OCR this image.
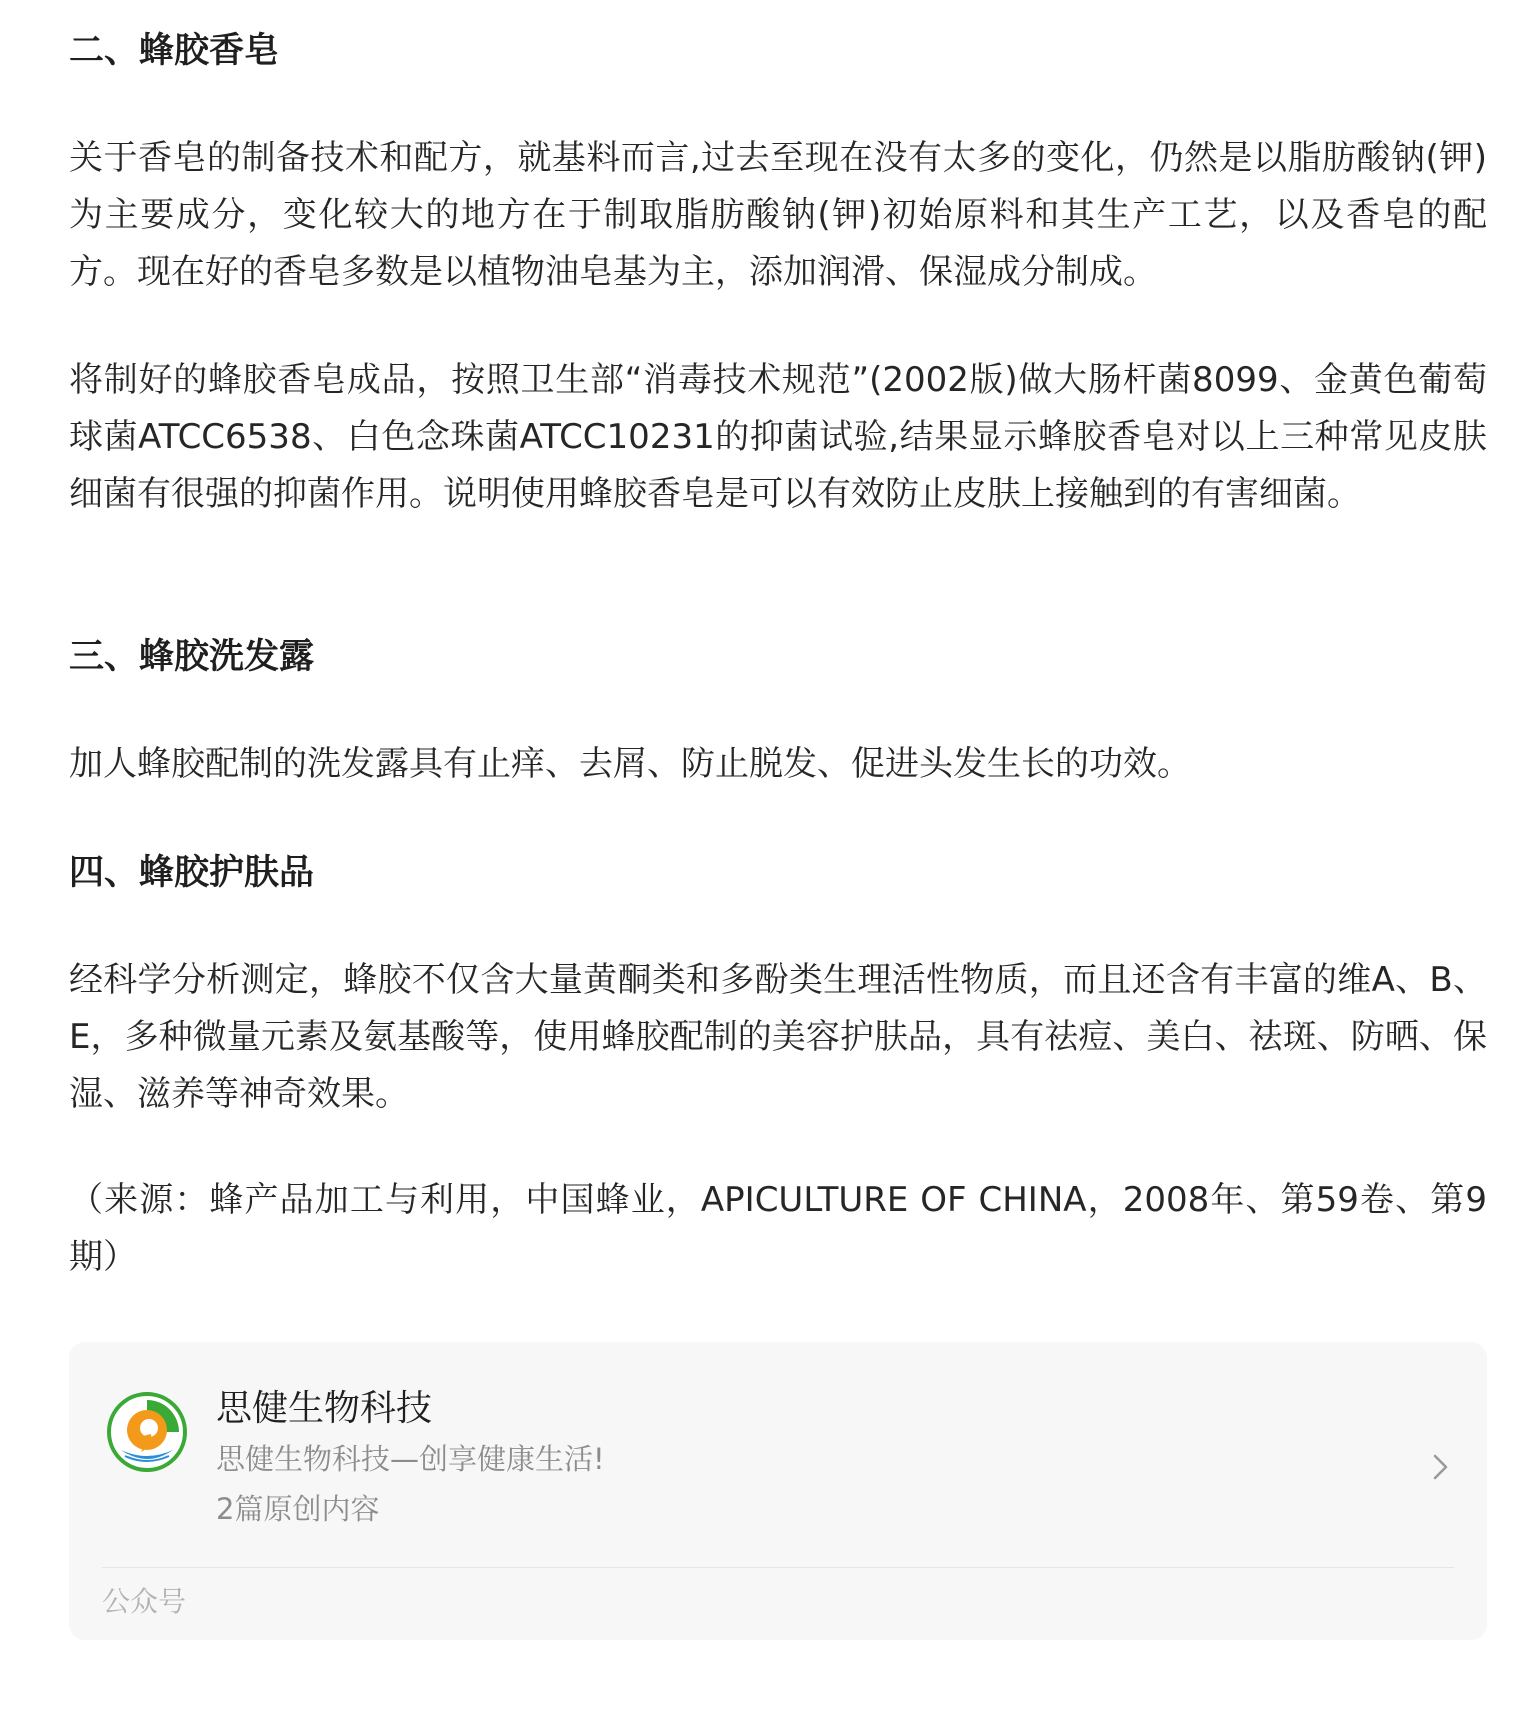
二、蜂胶香皂

关于香皂的制备技术和配方，就基料而言,过去至现在没有太多的变化，仍然是以脂肪酸钠(钾)为主要成分，变化较大的地方在于制取脂肪酸钠(钾)初始原料和其生产工艺，以及香皂的配方。现在好的香皂多数是以植物油皂基为主，添加润滑、保湿成分制成。

将制好的蜂胶香皂成品，按照卫生部“消毒技术规范”(2002版)做大肠杆菌8099、金黄色葡萄球菌ATCC6538、白色念珠菌ATCC10231的抑菌试验,结果显示蜂胶香皂对以上三种常见皮肤细菌有很强的抑菌作用。说明使用蜂胶香皂是可以有效防止皮肤上接触到的有害细菌。

三、蜂胶洗发露

加人蜂胶配制的洗发露具有止痒、去屑、防止脱发、促进头发生长的功效。

四、蜂胶护肤品

经科学分析测定，蜂胶不仅含大量黄酮类和多酚类生理活性物质，而且还含有丰富的维A、B、E，多种微量元素及氨基酸等，使用蜂胶配制的美容护肤品，具有祛痘、美白、祛斑、防晒、保湿、滋养等神奇效果。

（来源：蜂产品加工与利用，中国蜂业，APICULTURE OF CHINA，2008年、第59卷、第9期）

思健生物科技
思健生物科技—创享健康生活!
2篇原创内容
公众号
